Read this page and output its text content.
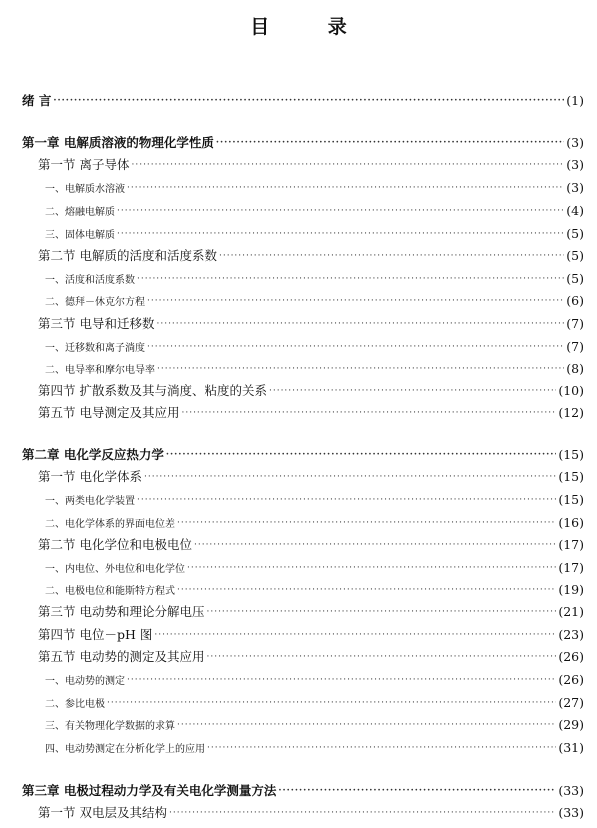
目 录
绪 言 ·····	(1)
第一章 电解质溶液的物理化学性质 ·····	(3)
第一节 离子导体 ·····	(3)
一、电解质水溶液 ·····	(3)
二、熔融电解质 ·····	(4)
三、固体电解质 ·····	(5)
第二节 电解质的活度和活度系数 ·····	(5)
一、活度和活度系数 ·····	(5)
二、德拜－休克尔方程 ·····	(6)
第三节 电导和迁移数 ·····	(7)
一、迁移数和离子淌度 ·····	(7)
二、电导率和摩尔电导率 ·····	(8)
第四节 扩散系数及其与淌度、粘度的关系 ·····	(10)
第五节 电导测定及其应用 ·····	(12)
第二章 电化学反应热力学 ·····	(15)
第一节 电化学体系 ·····	(15)
一、两类电化学装置 ·····	(15)
二、电化学体系的界面电位差 ·····	(16)
第二节 电化学位和电极电位 ·····	(17)
一、内电位、外电位和电化学位 ·····	(17)
二、电极电位和能斯特方程式 ·····	(19)
第三节 电动势和理论分解电压 ·····	(21)
第四节 电位－pH 图 ·····	(23)
第五节 电动势的测定及其应用 ·····	(26)
一、电动势的测定 ·····	(26)
二、参比电极 ·····	(27)
三、有关物理化学数据的求算 ·····	(29)
四、电动势测定在分析化学上的应用 ·····	(31)
第三章 电极过程动力学及有关电化学测量方法 ·····	(33)
第一节 双电层及其结构 ·····	(33)
